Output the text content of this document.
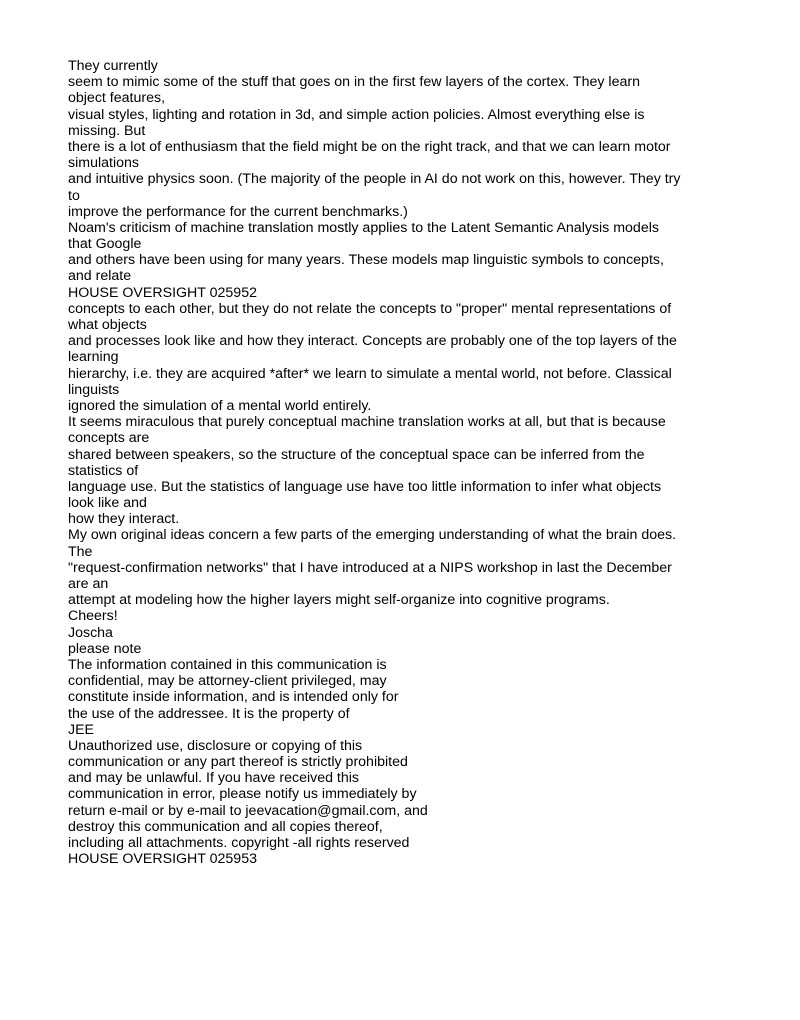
They currently
seem to mimic some of the stuff that goes on in the first few layers of the cortex. They learn
object features,
visual styles, lighting and rotation in 3d, and simple action policies. Almost everything else is
missing. But
there is a lot of enthusiasm that the field might be on the right track, and that we can learn motor
simulations
and intuitive physics soon. (The majority of the people in AI do not work on this, however. They try
to
improve the performance for the current benchmarks.)
Noam's criticism of machine translation mostly applies to the Latent Semantic Analysis models
that Google
and others have been using for many years. These models map linguistic symbols to concepts,
and relate
HOUSE OVERSIGHT 025952
concepts to each other, but they do not relate the concepts to "proper" mental representations of
what objects
and processes look like and how they interact. Concepts are probably one of the top layers of the
learning
hierarchy, i.e. they are acquired *after* we learn to simulate a mental world, not before. Classical
linguists
ignored the simulation of a mental world entirely.
It seems miraculous that purely conceptual machine translation works at all, but that is because
concepts are
shared between speakers, so the structure of the conceptual space can be inferred from the
statistics of
language use. But the statistics of language use have too little information to infer what objects
look like and
how they interact.
My own original ideas concern a few parts of the emerging understanding of what the brain does.
The
"request-confirmation networks" that I have introduced at a NIPS workshop in last the December
are an
attempt at modeling how the higher layers might self-organize into cognitive programs.
Cheers!
Joscha
please note
The information contained in this communication is
confidential, may be attorney-client privileged, may
constitute inside information, and is intended only for
the use of the addressee. It is the property of
JEE
Unauthorized use, disclosure or copying of this
communication or any part thereof is strictly prohibited
and may be unlawful. If you have received this
communication in error, please notify us immediately by
return e-mail or by e-mail to jeevacation@gmail.com, and
destroy this communication and all copies thereof,
including all attachments. copyright -all rights reserved
HOUSE OVERSIGHT 025953
